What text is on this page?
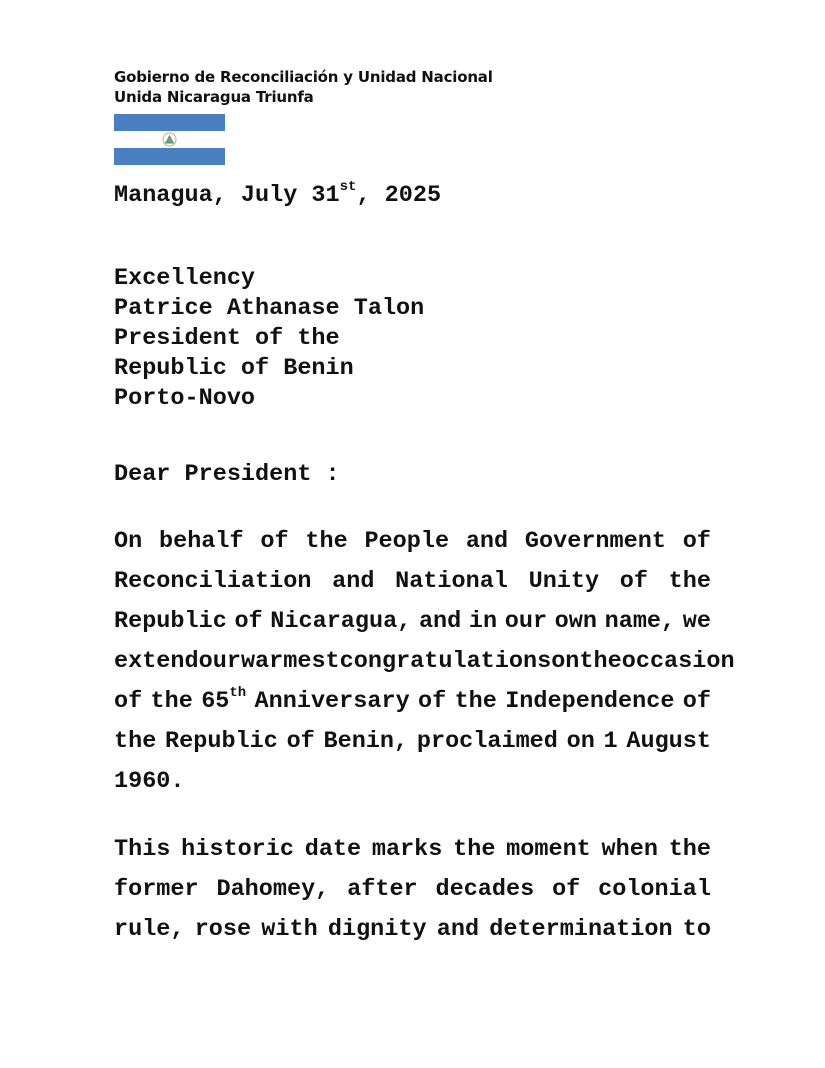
Gobierno de Reconciliación y Unidad Nacional
Unida Nicaragua Triunfa
Managua, July 31st, 2025
Excellency
Patrice Athanase Talon
President of the
Republic of Benin
Porto-Novo
Dear President :
On behalf of the People and Government of
Reconciliation and National Unity of the
Republic of Nicaragua, and in our own name, we
extend our warmest congratulations on the occasion
of the 65th Anniversary of the Independence of
the Republic of Benin, proclaimed on 1 August
1960.
This historic date marks the moment when the
former Dahomey, after decades of colonial
rule, rose with dignity and determination to
